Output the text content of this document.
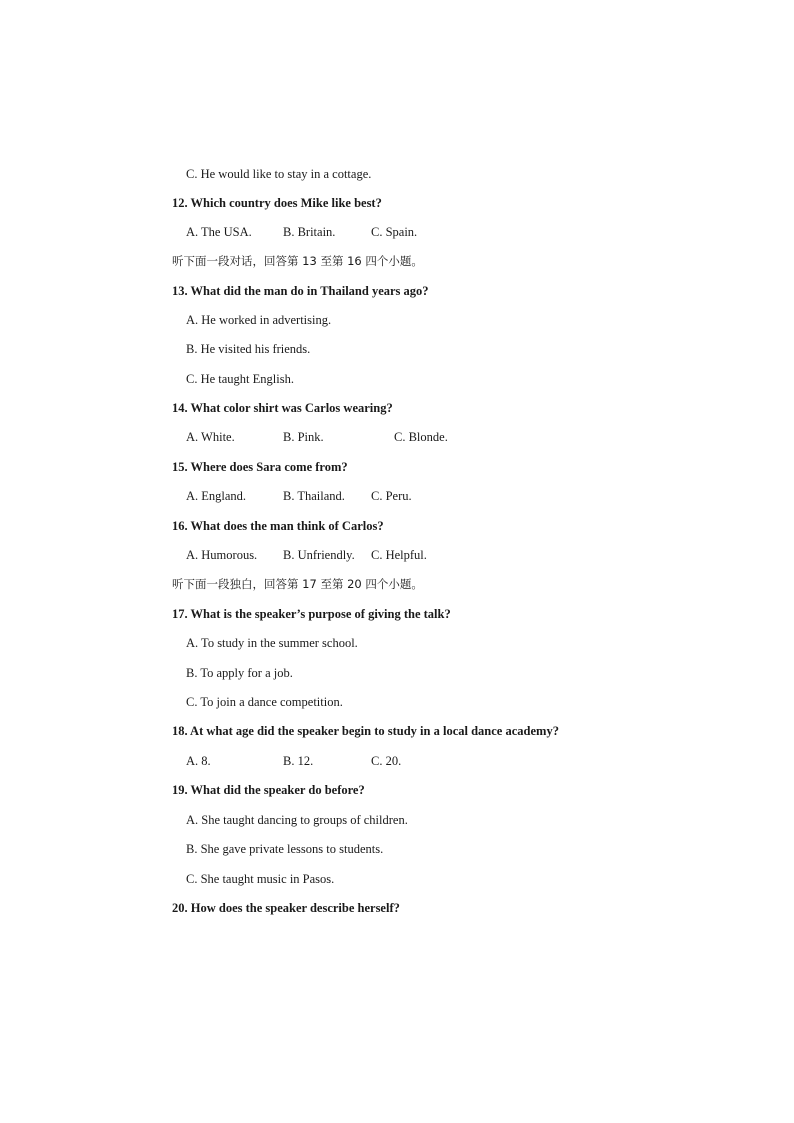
C. He would like to stay in a cottage.
12. Which country does Mike like best?
A. The USA.	B. Britain.	C. Spain.
听下面一段对话，回答第 13 至第 16 四个小题。
13. What did the man do in Thailand years ago?
A. He worked in advertising.
B. He visited his friends.
C. He taught English.
14. What color shirt was Carlos wearing?
A. White.	B. Pink.	C. Blonde.
15. Where does Sara come from?
A. England.	B. Thailand. C. Peru.
16. What does the man think of Carlos?
A. Humorous. B. Unfriendly. C. Helpful.
听下面一段独白，回答第 17 至第 20 四个小题。
17. What is the speaker’s purpose of giving the talk?
A. To study in the summer school.
B. To apply for a job.
C. To join a dance competition.
18. At what age did the speaker begin to study in a local dance academy?
A. 8.	B. 12.	C. 20.
19. What did the speaker do before?
A. She taught dancing to groups of children.
B. She gave private lessons to students.
C. She taught music in Pasos.
20. How does the speaker describe herself?
